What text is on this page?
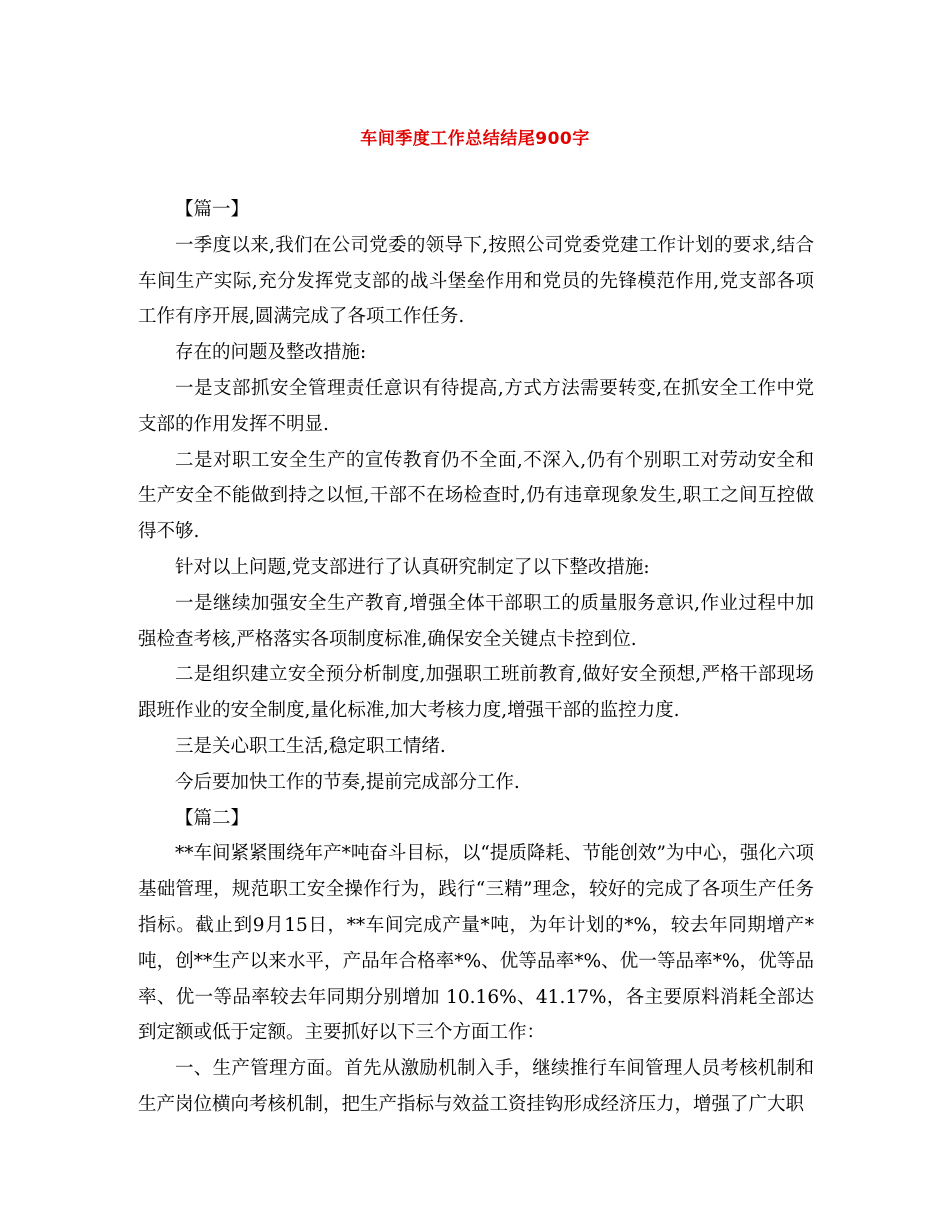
车间季度工作总结结尾900字

【篇一】

一季度以来,我们在公司党委的领导下,按照公司党委党建工作计划的要求,结合车间生产实际,充分发挥党支部的战斗堡垒作用和党员的先锋模范作用,党支部各项工作有序开展,圆满完成了各项工作任务.

存在的问题及整改措施:

一是支部抓安全管理责任意识有待提高,方式方法需要转变,在抓安全工作中党支部的作用发挥不明显.

二是对职工安全生产的宣传教育仍不全面,不深入,仍有个别职工对劳动安全和生产安全不能做到持之以恒,干部不在场检查时,仍有违章现象发生,职工之间互控做得不够.

针对以上问题,党支部进行了认真研究制定了以下整改措施:

一是继续加强安全生产教育,增强全体干部职工的质量服务意识,作业过程中加强检查考核,严格落实各项制度标准,确保安全关键点卡控到位.

二是组织建立安全预分析制度,加强职工班前教育,做好安全预想,严格干部现场跟班作业的安全制度,量化标准,加大考核力度,增强干部的监控力度.

三是关心职工生活,稳定职工情绪.

今后要加快工作的节奏,提前完成部分工作.

【篇二】

**车间紧紧围绕年产*吨奋斗目标，以“提质降耗、节能创效”为中心，强化六项基础管理，规范职工安全操作行为，践行“三精”理念，较好的完成了各项生产任务指标。截止到9月15日，**车间完成产量*吨，为年计划的*%，较去年同期增产*吨，创**生产以来水平，产品年合格率*%、优等品率*%、优一等品率*%，优等品率、优一等品率较去年同期分别增加 10.16%、41.17%，各主要原料消耗全部达到定额或低于定额。主要抓好以下三个方面工作：

一、生产管理方面。首先从激励机制入手，继续推行车间管理人员考核机制和生产岗位横向考核机制，把生产指标与效益工资挂钩形成经济压力，增强了广大职
